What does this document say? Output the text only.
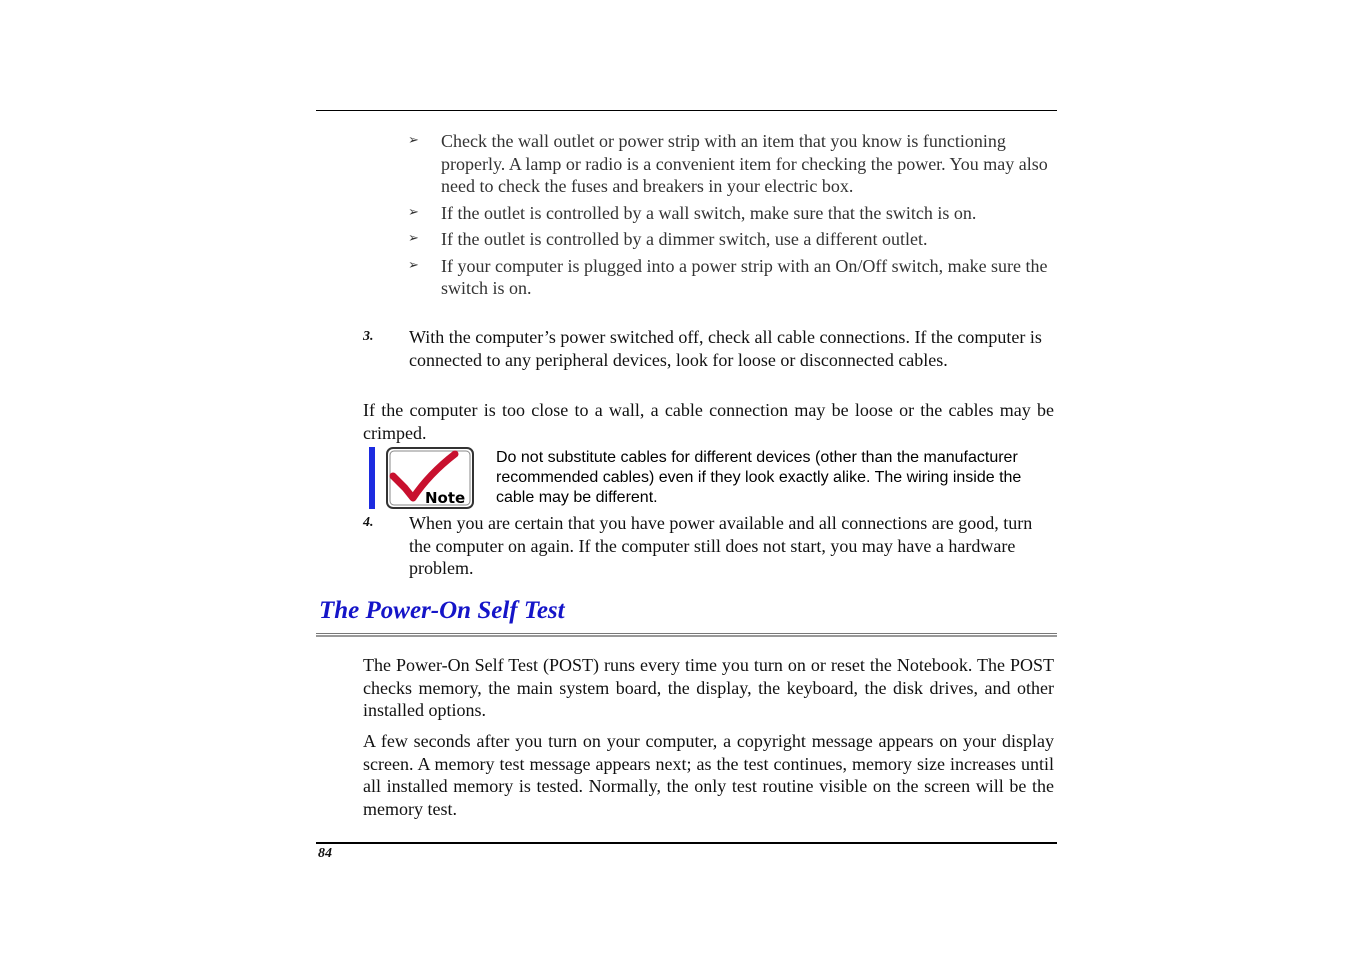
➢ Check the wall outlet or power strip with an item that you know is functioning properly. A lamp or radio is a convenient item for checking the power. You may also need to check the fuses and breakers in your electric box.
➢ If the outlet is controlled by a wall switch, make sure that the switch is on.
➢ If the outlet is controlled by a dimmer switch, use a different outlet.
➢ If your computer is plugged into a power strip with an On/Off switch, make sure the switch is on.
3. With the computer’s power switched off, check all cable connections. If the computer is connected to any peripheral devices, look for loose or disconnected cables.

If the computer is too close to a wall, a cable connection may be loose or the cables may be crimped.

Note
Do not substitute cables for different devices (other than the manufacturer recommended cables) even if they look exactly alike. The wiring inside the cable may be different.
4. When you are certain that you have power available and all connections are good, turn the computer on again. If the computer still does not start, you may have a hardware problem.
The Power-On Self Test

The Power-On Self Test (POST) runs every time you turn on or reset the Notebook. The POST checks memory, the main system board, the display, the keyboard, the disk drives, and other installed options.

A few seconds after you turn on your computer, a copyright message appears on your display screen. A memory test message appears next; as the test continues, memory size increases until all installed memory is tested. Normally, the only test routine visible on the screen will be the memory test.

84
